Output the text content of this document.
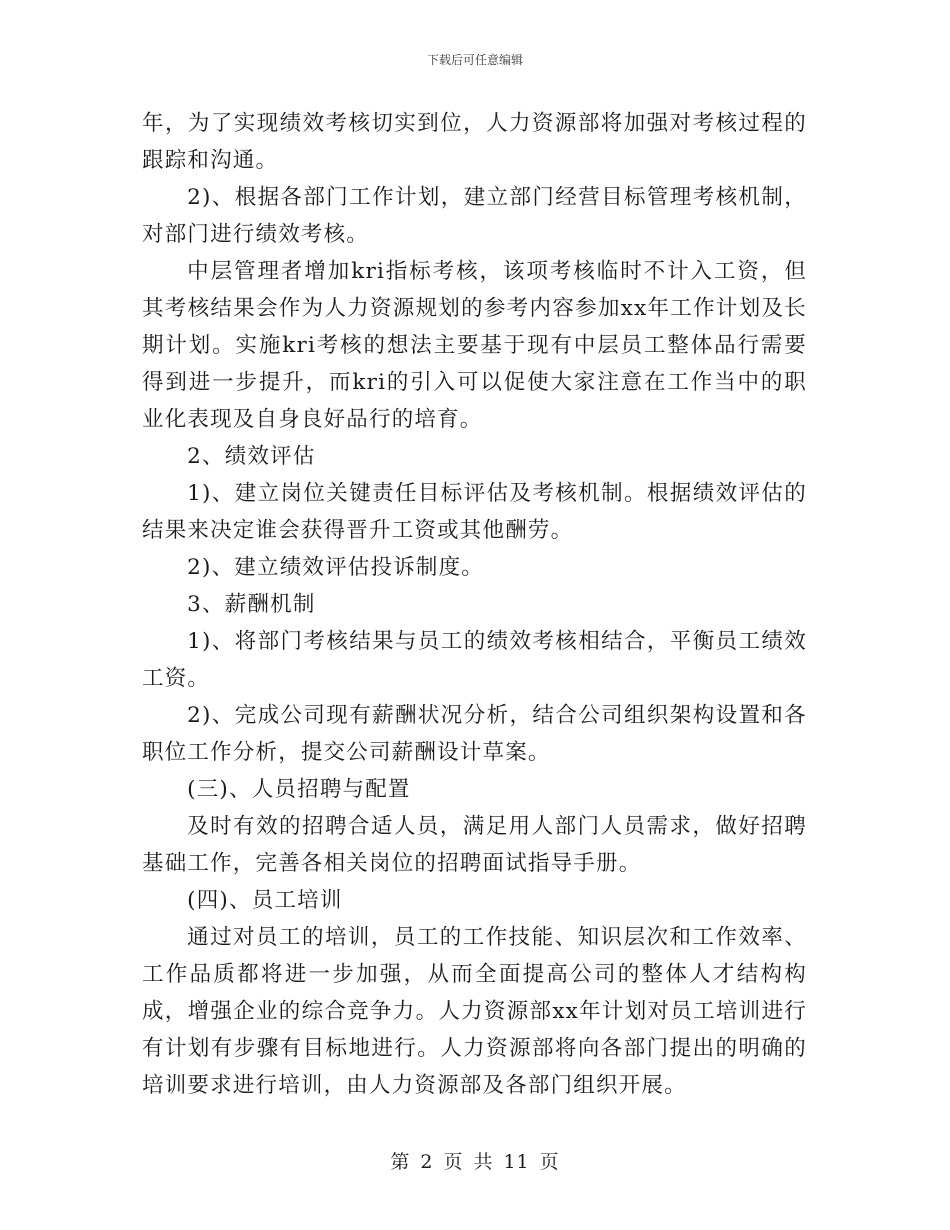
下载后可任意编辑

年，为了实现绩效考核切实到位，人力资源部将加强对考核过程的跟踪和沟通。

2)、根据各部门工作计划，建立部门经营目标管理考核机制，对部门进行绩效考核。

中层管理者增加kri指标考核，该项考核临时不计入工资，但其考核结果会作为人力资源规划的参考内容参加xx年工作计划及长期计划。实施kri考核的想法主要基于现有中层员工整体品行需要得到进一步提升，而kri的引入可以促使大家注意在工作当中的职业化表现及自身良好品行的培育。

2、绩效评估

1)、建立岗位关键责任目标评估及考核机制。根据绩效评估的结果来决定谁会获得晋升工资或其他酬劳。

2)、建立绩效评估投诉制度。

3、薪酬机制

1)、将部门考核结果与员工的绩效考核相结合，平衡员工绩效工资。

2)、完成公司现有薪酬状况分析，结合公司组织架构设置和各职位工作分析，提交公司薪酬设计草案。

(三)、人员招聘与配置

及时有效的招聘合适人员，满足用人部门人员需求，做好招聘基础工作，完善各相关岗位的招聘面试指导手册。

(四)、员工培训

通过对员工的培训，员工的工作技能、知识层次和工作效率、工作品质都将进一步加强，从而全面提高公司的整体人才结构构成，增强企业的综合竞争力。人力资源部xx年计划对员工培训进行有计划有步骤有目标地进行。人力资源部将向各部门提出的明确的培训要求进行培训，由人力资源部及各部门组织开展。

第 2 页 共 11 页
